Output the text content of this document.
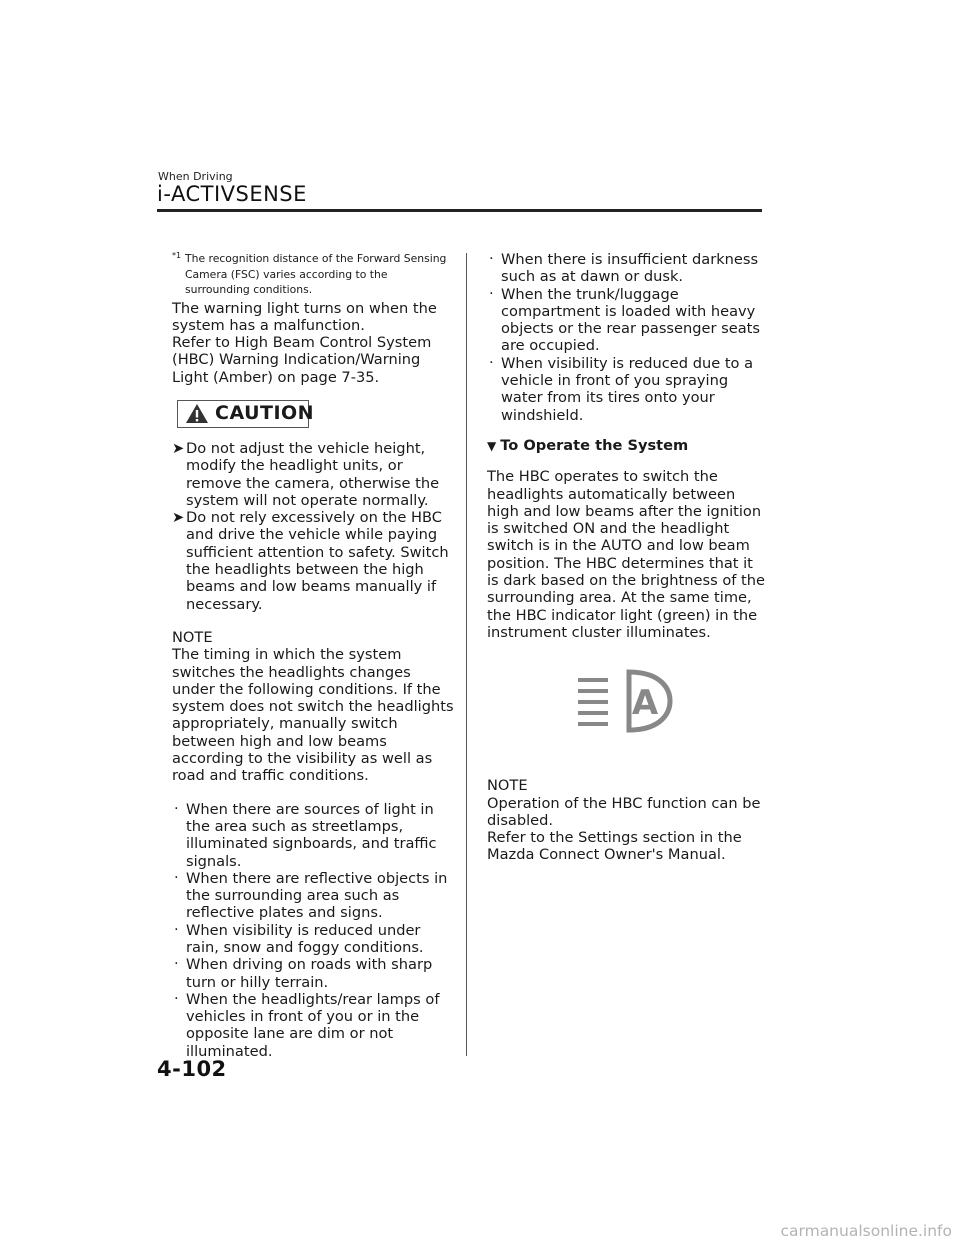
When Driving
i-ACTIVSENSE
*1 The recognition distance of the Forward Sensing Camera (FSC) varies according to the surrounding conditions.

The warning light turns on when the system has a malfunction.

Refer to High Beam Control System (HBC) Warning Indication/Warning Light (Amber) on page 7-35.

CAUTION
➤ Do not adjust the vehicle height, modify the headlight units, or remove the camera, otherwise the system will not operate normally.
➤ Do not rely excessively on the HBC and drive the vehicle while paying sufficient attention to safety. Switch the headlights between the high beams and low beams manually if necessary.

NOTE

The timing in which the system switches the headlights changes under the following conditions. If the system does not switch the headlights appropriately, manually switch between high and low beams according to the visibility as well as road and traffic conditions.

· When there are sources of light in the area such as streetlamps, illuminated signboards, and traffic signals.
· When there are reflective objects in the surrounding area such as reflective plates and signs.
· When visibility is reduced under rain, snow and foggy conditions.
· When driving on roads with sharp turn or hilly terrain.
· When the headlights/rear lamps of vehicles in front of you or in the opposite lane are dim or not illuminated.
· When there is insufficient darkness such as at dawn or dusk.
· When the trunk/luggage compartment is loaded with heavy objects or the rear passenger seats are occupied.
· When visibility is reduced due to a vehicle in front of you spraying water from its tires onto your windshield.

▼ To Operate the System

The HBC operates to switch the headlights automatically between high and low beams after the ignition is switched ON and the headlight switch is in the AUTO and low beam position. The HBC determines that it is dark based on the brightness of the surrounding area. At the same time, the HBC indicator light (green) in the instrument cluster illuminates.

A

NOTE

Operation of the HBC function can be disabled.

Refer to the Settings section in the Mazda Connect Owner's Manual.

4-102
carmanualsonline.info
